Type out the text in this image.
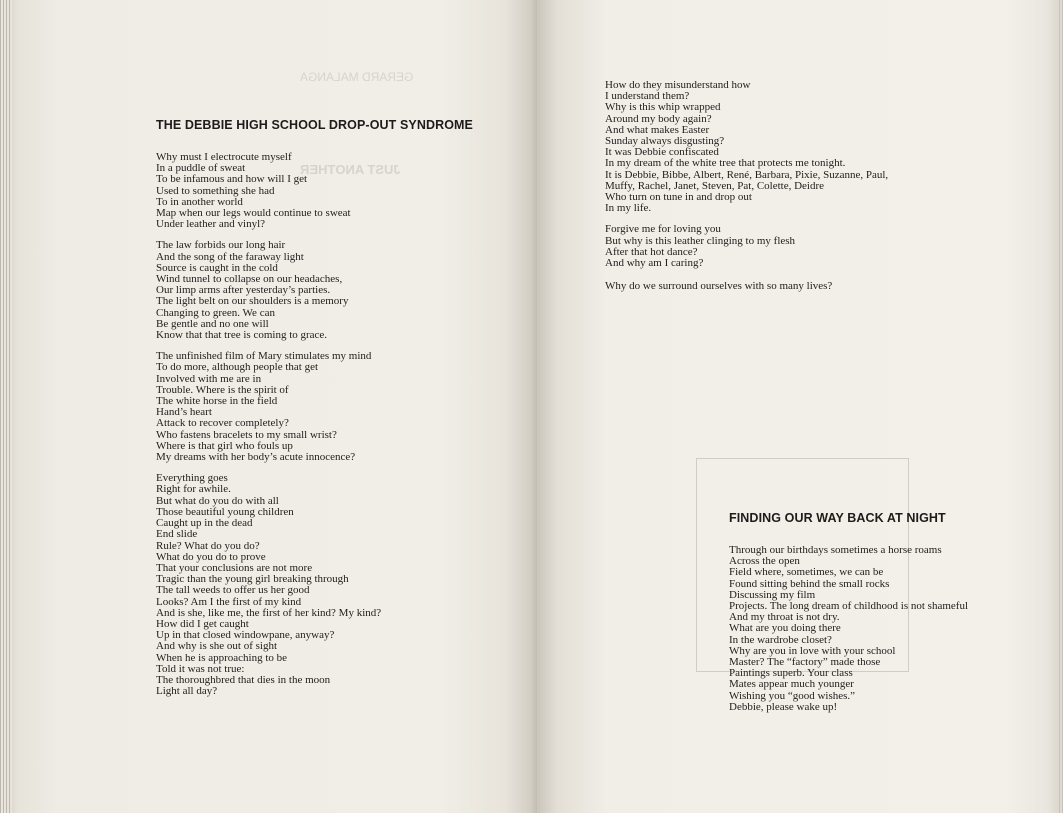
GERARD MALANGA
JUST ANOTHER
THE DEBBIE HIGH SCHOOL DROP-OUT SYNDROME
Why must I electrocute myself
In a puddle of sweat
To be infamous and how will I get
Used to something she had
To in another world
Map when our legs would continue to sweat
Under leather and vinyl?
The law forbids our long hair
And the song of the faraway light
Source is caught in the cold
Wind tunnel to collapse on our headaches,
Our limp arms after yesterday’s parties.
The light belt on our shoulders is a memory
Changing to green. We can
Be gentle and no one will
Know that that tree is coming to grace.
The unfinished film of Mary stimulates my mind
To do more, although people that get
Involved with me are in
Trouble. Where is the spirit of
The white horse in the field
Hand’s heart
Attack to recover completely?
Who fastens bracelets to my small wrist?
Where is that girl who fouls up
My dreams with her body’s acute innocence?
Everything goes
Right for awhile.
But what do you do with all
Those beautiful young children
Caught up in the dead
End slide
Rule? What do you do?
What do you do to prove
That your conclusions are not more
Tragic than the young girl breaking through
The tall weeds to offer us her good
Looks? Am I the first of my kind
And is she, like me, the first of her kind? My kind?
How did I get caught
Up in that closed windowpane, anyway?
And why is she out of sight
When he is approaching to be
Told it was not true:
The thoroughbred that dies in the moon
Light all day?
How do they misunderstand how
I understand them?
Why is this whip wrapped
Around my body again?
And what makes Easter
Sunday always disgusting?
It was Debbie confiscated
In my dream of the white tree that protects me tonight.
It is Debbie, Bibbe, Albert, René, Barbara, Pixie, Suzanne, Paul,
Muffy, Rachel, Janet, Steven, Pat, Colette, Deidre
Who turn on tune in and drop out
In my life.
Forgive me for loving you
But why is this leather clinging to my flesh
After that hot dance?
And why am I caring?
Why do we surround ourselves with so many lives?
FINDING OUR WAY BACK AT NIGHT
Through our birthdays sometimes a horse roams
Across the open
Field where, sometimes, we can be
Found sitting behind the small rocks
Discussing my film
Projects. The long dream of childhood is not shameful
And my throat is not dry.
What are you doing there
In the wardrobe closet?
Why are you in love with your school
Master? The “factory” made those
Paintings superb. Your class
Mates appear much younger
Wishing you “good wishes.”
Debbie, please wake up!
